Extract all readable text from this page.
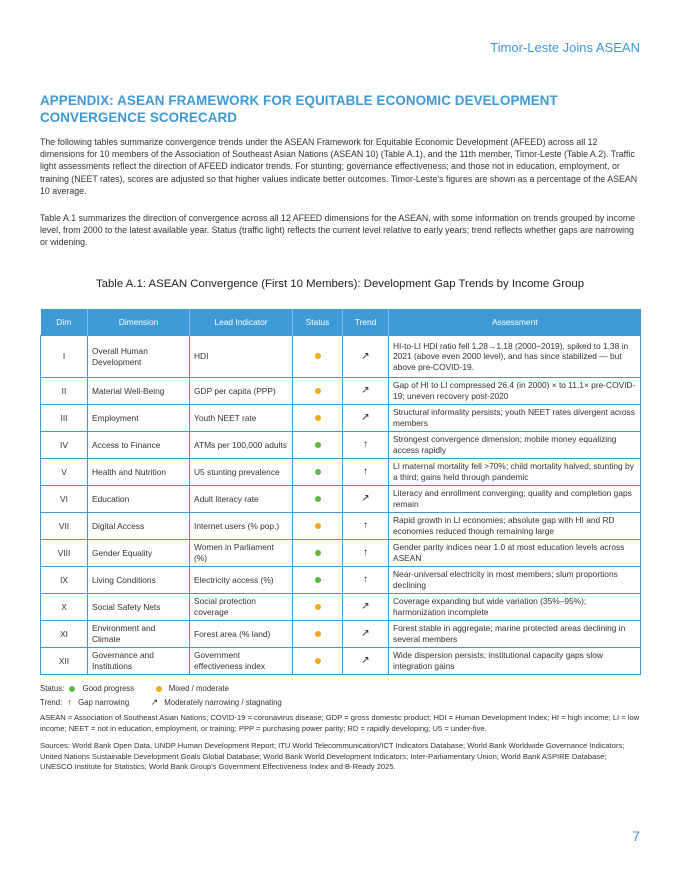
Timor-Leste Joins ASEAN
APPENDIX: ASEAN FRAMEWORK FOR EQUITABLE ECONOMIC DEVELOPMENT CONVERGENCE SCORECARD

The following tables summarize convergence trends under the ASEAN Framework for Equitable Economic Development (AFEED) across all 12 dimensions for 10 members of the Association of Southeast Asian Nations (ASEAN 10) (Table A.1), and the 11th member, Timor-Leste (Table A.2). Traffic light assessments reflect the direction of AFEED indicator trends. For stunting; governance effectiveness; and those not in education, employment, or training (NEET rates), scores are adjusted so that higher values indicate better outcomes. Timor-Leste's figures are shown as a percentage of the ASEAN 10 average.

Table A.1 summarizes the direction of convergence across all 12 AFEED dimensions for the ASEAN, with some information on trends grouped by income level, from 2000 to the latest available year. Status (traffic light) reflects the current level relative to early years; trend reflects whether gaps are narrowing or widening.

Table A.1: ASEAN Convergence (First 10 Members): Development Gap Trends by Income Group

Dim	Dimension	Lead Indicator	Status	Trend	Assessment
I	Overall Human Development	HDI		↗	HI-to-LI HDI ratio fell 1.28→1.18 (2000–2019), spiked to 1.38 in 2021 (above even 2000 level), and has since stabilized — but above pre-COVID-19.
II	Material Well-Being	GDP per capita (PPP)		↗	Gap of HI to LI compressed 26.4 (in 2000) × to 11.1× pre-COVID-19; uneven recovery post-2020
III	Employment	Youth NEET rate		↗	Structural informality persists; youth NEET rates divergent across members
IV	Access to Finance	ATMs per 100,000 adults		↑	Strongest convergence dimension; mobile money equalizing access rapidly
V	Health and Nutrition	U5 stunting prevalence		↑	LI maternal mortality fell >70%; child mortality halved; stunting by a third; gains held through pandemic
VI	Education	Adult literacy rate		↗	Literacy and enrollment converging; quality and completion gaps remain
VII	Digital Access	Internet users (% pop.)		↑	Rapid growth in LI economies; absolute gap with HI and RD economies reduced though remaining large
VIII	Gender Equality	Women in Parliament (%)		↑	Gender parity indices near 1.0 at most education levels across ASEAN
IX	Living Conditions	Electricity access (%)		↑	Near-universal electricity in most members; slum proportions declining
X	Social Safety Nets	Social protection coverage		↗	Coverage expanding but wide variation (35%–95%); harmonization incomplete
XI	Environment and Climate	Forest area (% land)		↗	Forest stable in aggregate; marine protected areas declining in several members
XII	Governance and Institutions	Government effectiveness index		↗	Wide dispersion persists; institutional capacity gaps slow integration gains

Status: Good progress	Mixed / moderate

Trend: ↑ Gap narrowing ↗ Moderately narrowing / stagnating

ASEAN = Association of Southeast Asian Nations; COVID-19 = coronavirus disease; GDP = gross domestic product; HDI = Human Development Index; HI = high income; LI = low income; NEET = not in education, employment, or training; PPP = purchasing power parity; RD = rapidly developing; U5 = under-five.

Sources: World Bank Open Data, UNDP Human Development Report; ITU World Telecommunication/ICT Indicators Database; World Bank Worldwide Governance Indicators; United Nations Sustainable Development Goals Global Database; World Bank World Development Indicators; Inter-Parliamentary Union; World Bank ASPIRE Database; UNESCO Institute for Statistics; World Bank Group's Government Effectiveness Index and B-Ready 2025.

7
